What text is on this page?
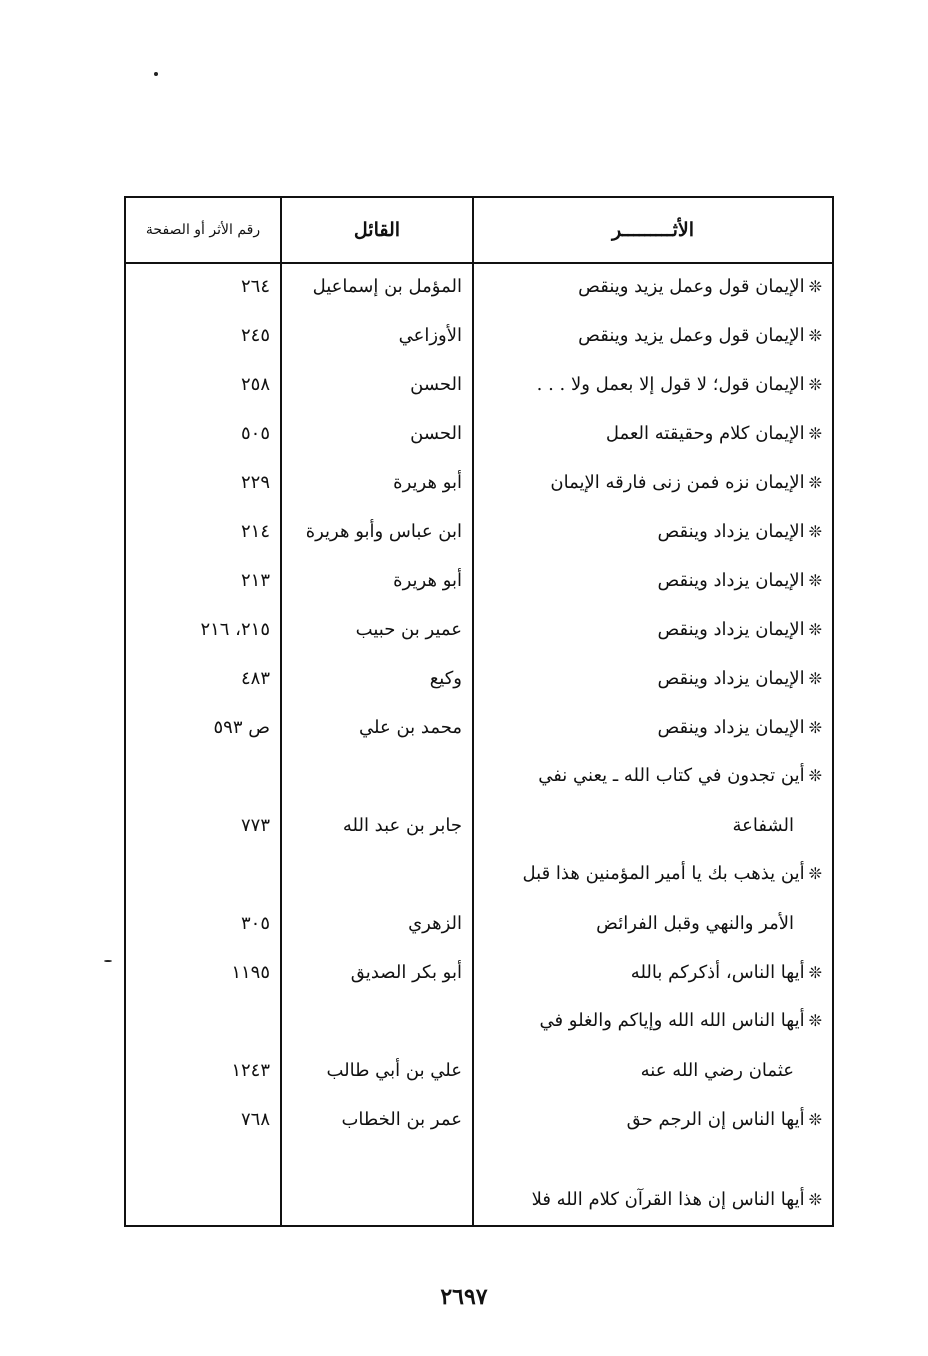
الأثـــــــــر	القائل	رقم الأثر أو الصفحة
❊الإيمان قول وعمل يزيد وينقص	المؤمل بن إسماعيل	٢٦٤
❊الإيمان قول وعمل يزيد وينقص	الأوزاعي	٢٤٥
❊الإيمان قول؛ لا قول إلا بعمل ولا . . .	الحسن	٢٥٨
❊الإيمان كلام وحقيقته العمل	الحسن	٥٠٥
❊الإيمان نزه فمن زنى فارقه الإيمان	أبو هريرة	٢٢٩
❊الإيمان يزداد وينقص	ابن عباس وأبو هريرة	٢١٤
❊الإيمان يزداد وينقص	أبو هريرة	٢١٣
❊الإيمان يزداد وينقص	عمير بن حبيب	٢١٥، ٢١٦
❊الإيمان يزداد وينقص	وكيع	٤٨٣
❊الإيمان يزداد وينقص	محمد بن علي	ص ٥٩٣
❊أين تجدون في كتاب الله ـ يعني نفي
الشفاعة	جابر بن عبد الله	٧٧٣
❊أين يذهب بك يا أمير المؤمنين هذا قبل
الأمر والنهي وقبل الفرائض	الزهري	٣٠٥
❊أيها الناس، أذكركم بالله	أبو بكر الصديق	١١٩٥
❊أيها الناس الله الله وإياكم والغلو في
عثمان رضي الله عنه	علي بن أبي طالب	١٢٤٣
❊أيها الناس إن الرجم حق	عمر بن الخطاب	٧٦٨
❊أيها الناس إن هذا القرآن كلام الله فلا		
٢٦٩٧
